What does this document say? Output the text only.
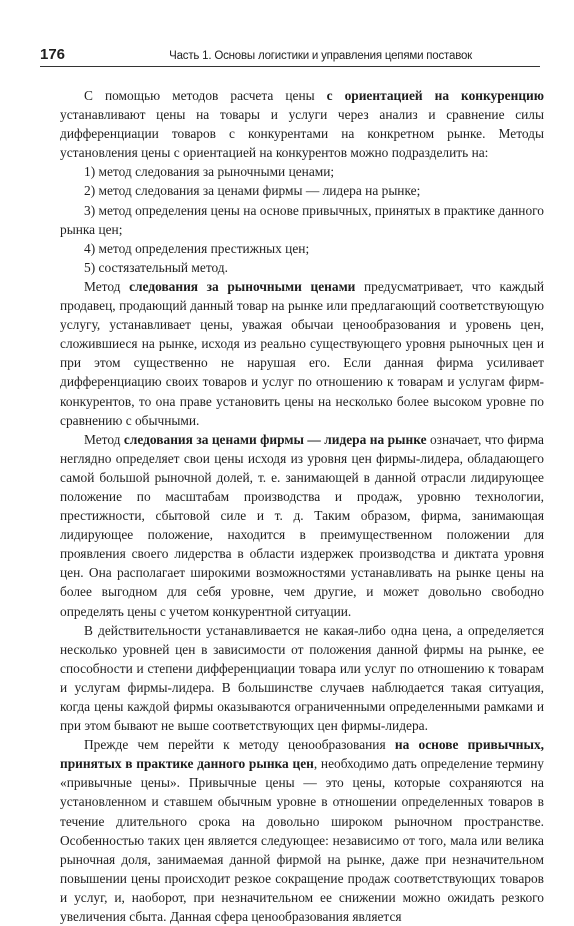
176	Часть 1. Основы логистики и управления цепями поставок

С помощью методов расчета цены с ориентацией на конкуренцию устанавливают цены на товары и услуги через анализ и сравнение силы дифференциации товаров с конкурентами на конкретном рынке. Методы установления цены с ориентацией на конкурентов можно подразделить на:

1) метод следования за рыночными ценами;

2) метод следования за ценами фирмы — лидера на рынке;

3) метод определения цены на основе привычных, принятых в практике данного рынка цен;

4) метод определения престижных цен;

5) состязательный метод.

Метод следования за рыночными ценами предусматривает, что каждый продавец, продающий данный товар на рынке или предлагающий соответствующую услугу, устанавливает цены, уважая обычаи ценообразования и уровень цен, сложившиеся на рынке, исходя из реально существующего уровня рыночных цен и при этом существенно не нарушая его. Если данная фирма усиливает дифференциацию своих товаров и услуг по отношению к товарам и услугам фирм-конкурентов, то она праве установить цены на несколько более высоком уровне по сравнению с обычными.

Метод следования за ценами фирмы — лидера на рынке означает, что фирма неглядно определяет свои цены исходя из уровня цен фирмы-лидера, обладающего самой большой рыночной долей, т. е. занимающей в данной отрасли лидирующее положение по масштабам производства и продаж, уровню технологии, престижности, сбытовой силе и т. д. Таким образом, фирма, занимающая лидирующее положение, находится в преимущественном положении для проявления своего лидерства в области издержек производства и диктата уровня цен. Она располагает широкими возможностями устанавливать на рынке цены на более выгодном для себя уровне, чем другие, и может довольно свободно определять цены с учетом конкурентной ситуации.

В действительности устанавливается не какая-либо одна цена, а определяется несколько уровней цен в зависимости от положения данной фирмы на рынке, ее способности и степени дифференциации товара или услуг по отношению к товарам и услугам фирмы-лидера. В большинстве случаев наблюдается такая ситуация, когда цены каждой фирмы оказываются ограниченными определенными рамками и при этом бывают не выше соответствующих цен фирмы-лидера.

Прежде чем перейти к методу ценообразования на основе привычных, принятых в практике данного рынка цен, необходимо дать определение термину «привычные цены». Привычные цены — это цены, которые сохраняются на установленном и ставшем обычным уровне в отношении определенных товаров в течение длительного срока на довольно широком рыночном пространстве. Особенностью таких цен является следующее: независимо от того, мала или велика рыночная доля, занимаемая данной фирмой на рынке, даже при незначительном повышении цены происходит резкое сокращение продаж соответствующих товаров и услуг, и, наоборот, при незначительном ее снижении можно ожидать резкого увеличения сбыта. Данная сфера ценообразования является
